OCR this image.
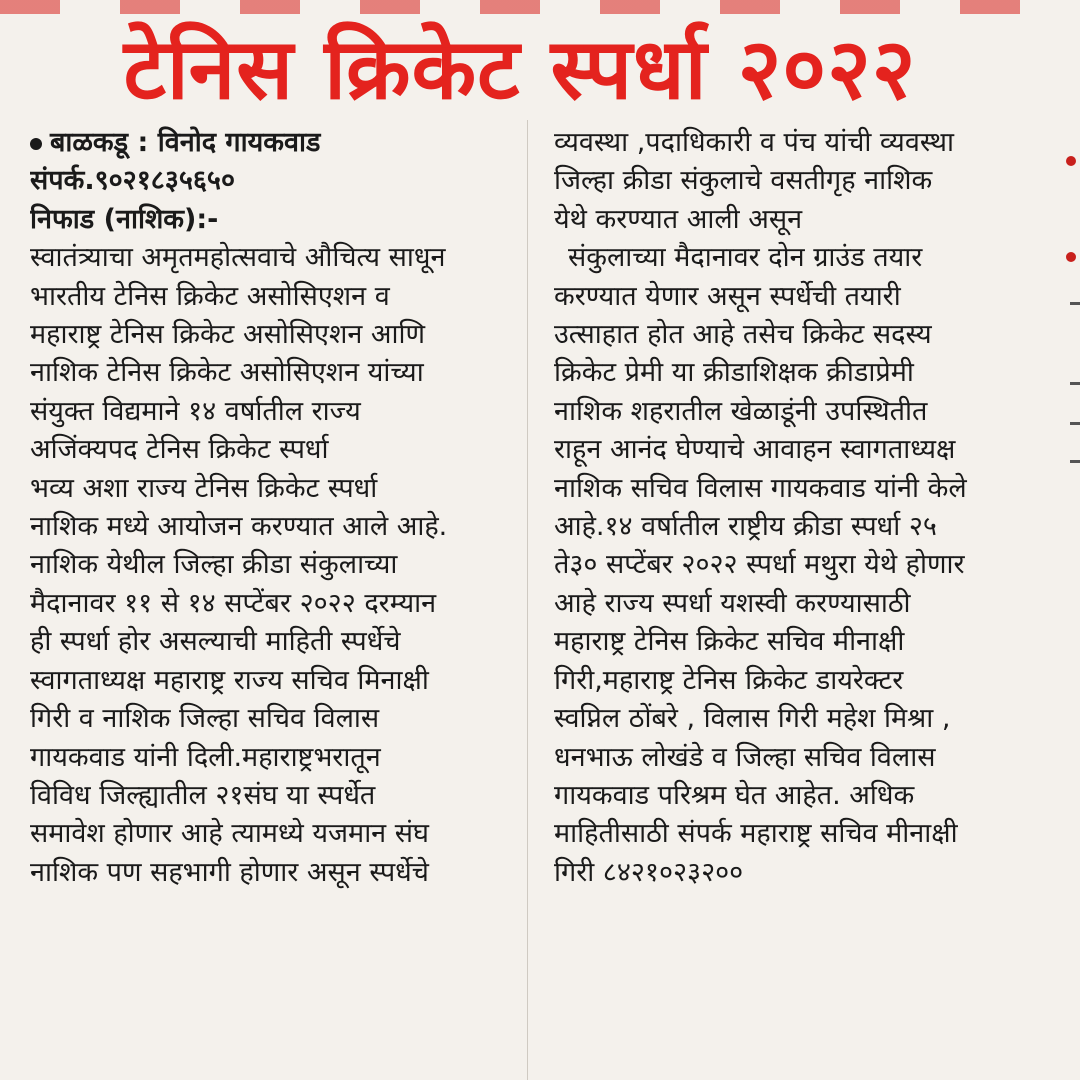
टेनिस क्रिकेट स्पर्धा २०२२
बाळकडू : विनोद गायकवाड
संपर्क.९०२१८३५६५०
निफाड (नाशिक):-
स्वातंत्र्याचा अमृतमहोत्सवाचे औचित्य साधून
भारतीय टेनिस क्रिकेट असोसिएशन व
महाराष्ट्र टेनिस क्रिकेट असोसिएशन आणि
नाशिक टेनिस क्रिकेट असोसिएशन यांच्या
संयुक्त विद्यमाने १४ वर्षातील राज्य
अजिंक्यपद टेनिस क्रिकेट स्पर्धा
भव्य अशा राज्य टेनिस क्रिकेट स्पर्धा
नाशिक मध्ये आयोजन करण्यात आले आहे.
नाशिक येथील जिल्हा क्रीडा संकुलाच्या
मैदानावर ११ से १४ सप्टेंबर २०२२ दरम्यान
ही स्पर्धा होर असल्याची माहिती स्पर्धेचे
स्वागताध्यक्ष महाराष्ट्र राज्य सचिव मिनाक्षी
गिरी व नाशिक जिल्हा सचिव विलास
गायकवाड यांनी दिली.महाराष्ट्रभरातून
विविध जिल्ह्यातील २१संघ या स्पर्धेत
समावेश होणार आहे त्यामध्ये यजमान संघ
नाशिक पण सहभागी होणार असून स्पर्धेचे
व्यवस्था ,पदाधिकारी व पंच यांची व्यवस्था
जिल्हा क्रीडा संकुलाचे वसतीगृह नाशिक
येथे करण्यात आली असून
संकुलाच्या मैदानावर दोन ग्राउंड तयार
करण्यात येणार असून स्पर्धेची तयारी
उत्साहात होत आहे तसेच क्रिकेट सदस्य
क्रिकेट प्रेमी या क्रीडाशिक्षक क्रीडाप्रेमी
नाशिक शहरातील खेळाडूंनी उपस्थितीत
राहून आनंद घेण्याचे आवाहन स्वागताध्यक्ष
नाशिक सचिव विलास गायकवाड यांनी केले
आहे.१४ वर्षातील राष्ट्रीय क्रीडा स्पर्धा २५
ते३० सप्टेंबर २०२२ स्पर्धा मथुरा येथे होणार
आहे राज्य स्पर्धा यशस्वी करण्यासाठी
महाराष्ट्र टेनिस क्रिकेट सचिव मीनाक्षी
गिरी,महाराष्ट्र टेनिस क्रिकेट डायरेक्टर
स्वप्निल ठोंबरे , विलास गिरी महेश मिश्रा ,
धनभाऊ लोखंडे व जिल्हा सचिव विलास
गायकवाड परिश्रम घेत आहेत. अधिक
माहितीसाठी संपर्क महाराष्ट्र सचिव मीनाक्षी
गिरी ८४२१०२३२००
